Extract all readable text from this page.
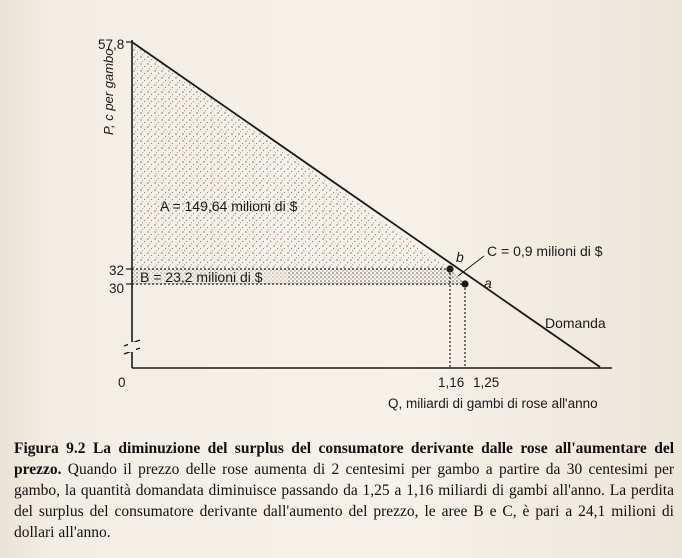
57,8
32
30
0	1,16 1,25
P, c per gambo
Q, miliardi di gambi di rose all'anno
A = 149,64 milioni di $
B = 23,2 milioni di $
C = 0,9 milioni di $
b
a
Domanda

Figura 9.2 La diminuzione del surplus del consumatore derivante dalle rose all'aumentare del prezzo. Quando il prezzo delle rose aumenta di 2 centesimi per gambo a partire da 30 centesimi per gambo, la quantità domandata diminuisce passando da 1,25 a 1,16 miliardi di gambi all'anno. La perdita del surplus del consumatore derivante dall'aumento del prezzo, le aree B e C, è pari a 24,1 milioni di dollari all'anno.
